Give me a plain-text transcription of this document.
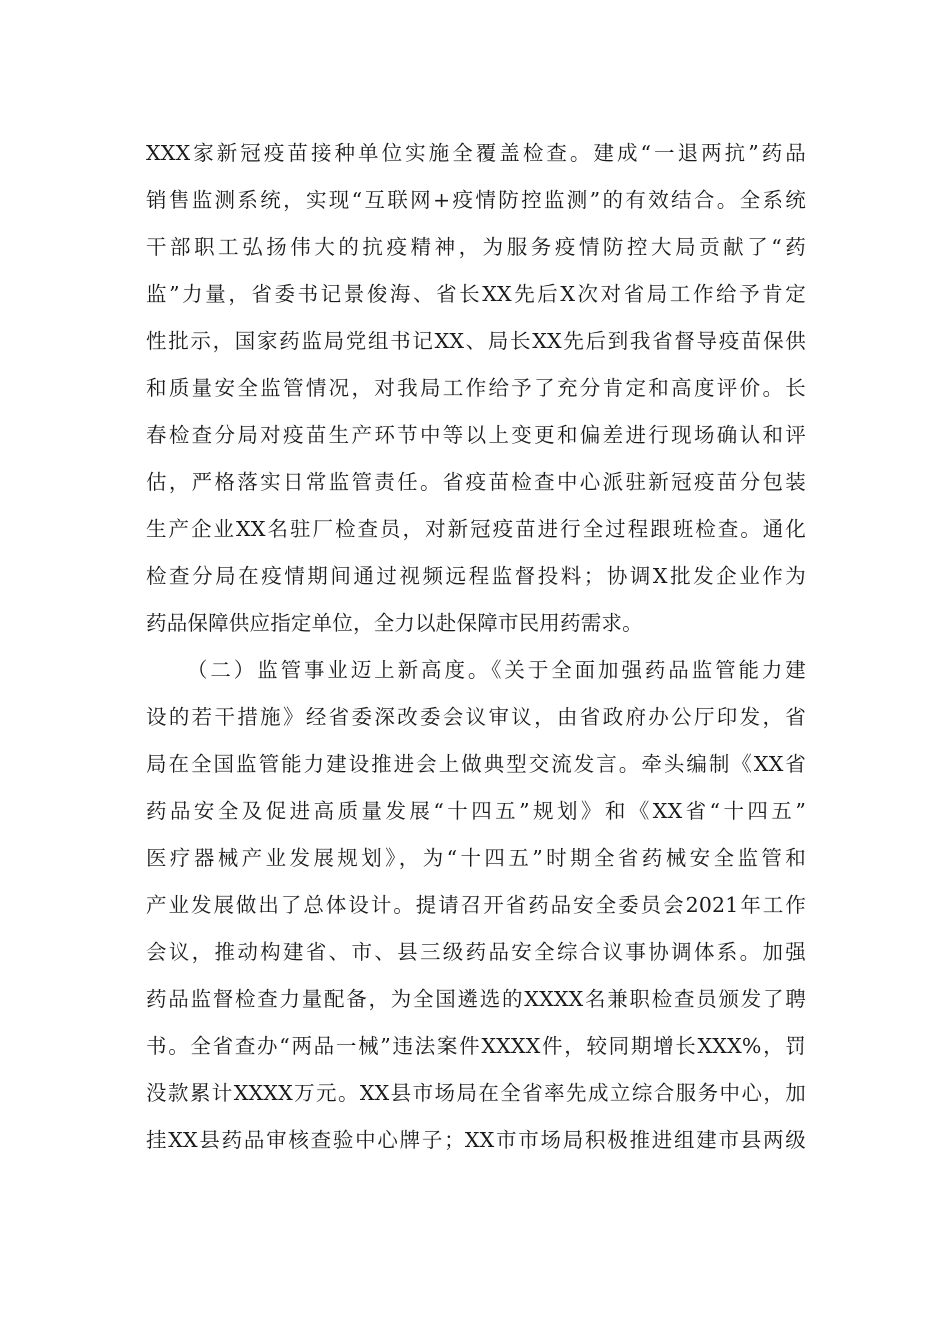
XXX家新冠疫苗接种单位实施全覆盖检查。建成“一退两抗”药品
销售监测系统，实现“互联网+疫情防控监测”的有效结合。全系统
干部职工弘扬伟大的抗疫精神，为服务疫情防控大局贡献了“药
监”力量，省委书记景俊海、省长XX先后X次对省局工作给予肯定
性批示，国家药监局党组书记XX、局长XX先后到我省督导疫苗保供
和质量安全监管情况，对我局工作给予了充分肯定和高度评价。长
春检查分局对疫苗生产环节中等以上变更和偏差进行现场确认和评
估，严格落实日常监管责任。省疫苗检查中心派驻新冠疫苗分包装
生产企业XX名驻厂检查员，对新冠疫苗进行全过程跟班检查。通化
检查分局在疫情期间通过视频远程监督投料；协调X批发企业作为
药品保障供应指定单位，全力以赴保障市民用药需求。
（二）监管事业迈上新高度。《关于全面加强药品监管能力建
设的若干措施》经省委深改委会议审议，由省政府办公厅印发，省
局在全国监管能力建设推进会上做典型交流发言。牵头编制《XX省
药品安全及促进高质量发展“十四五”规划》和《XX省“十四五”
医疗器械产业发展规划》，为“十四五”时期全省药械安全监管和
产业发展做出了总体设计。提请召开省药品安全委员会2021年工作
会议，推动构建省、市、县三级药品安全综合议事协调体系。加强
药品监督检查力量配备，为全国遴选的XXXX名兼职检查员颁发了聘
书。全省查办“两品一械”违法案件XXXX件，较同期增长XXX%，罚
没款累计XXXX万元。XX县市场局在全省率先成立综合服务中心，加
挂XX县药品审核查验中心牌子；XX市市场局积极推进组建市县两级
